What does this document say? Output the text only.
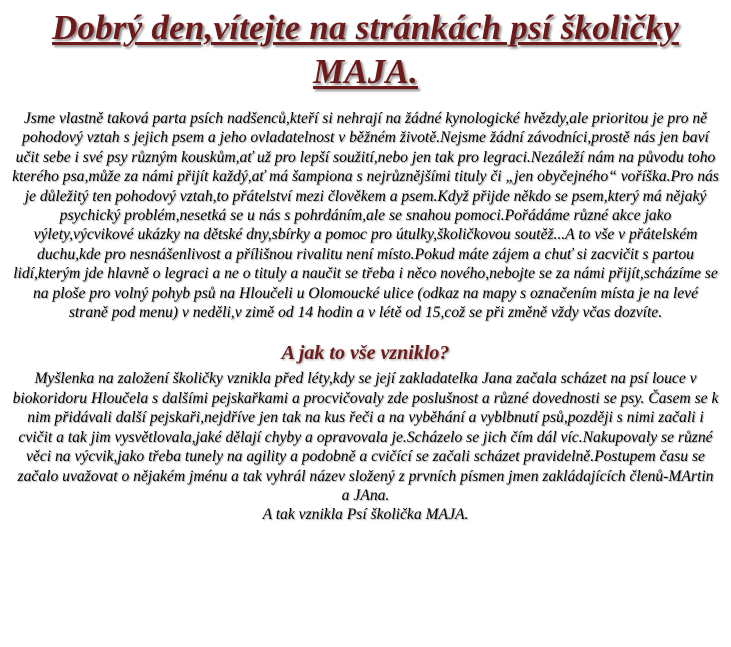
Dobrý den,vítejte na stránkách psí školičky
MAJA.

Jsme vlastně taková parta psích nadšenců,kteří si nehrají na žádné kynologické hvězdy,ale prioritou je pro ně pohodový vztah s jejich psem a jeho ovladatelnost v běžném životě.Nejsme žádní závodníci,prostě nás jen baví učit sebe i své psy různým kouskům,ať už pro lepší soužití,nebo jen tak pro legraci.Nezáleží nám na původu toho kterého psa,může za námi přijít každý,ať má šampiona s nejrůznějšími tituly či „jen obyčejného“ voříška.Pro nás je důležitý ten pohodový vztah,to přátelství mezi člověkem a psem.Když přijde někdo se psem,který má nějaký psychický problém,nesetká se u nás s pohrdáním,ale se snahou pomoci.Pořádáme různé akce jako výlety,výcvikové ukázky na dětské dny,sbírky a pomoc pro útulky,školičkovou soutěž...A to vše v přátelském duchu,kde pro nesnášenlivost a přílišnou rivalitu není místo.Pokud máte zájem a chuť si zacvičit s partou lidí,kterým jde hlavně o legraci a ne o tituly a naučit se třeba i něco nového,nebojte se za námi přijít,scházíme se na ploše pro volný pohyb psů na Hloučeli u Olomoucké ulice (odkaz na mapy s označením místa je na levé straně pod menu) v neděli,v zimě od 14 hodin a v létě od 15,což se při změně vždy včas dozvíte.

A jak to vše vzniklo?

Myšlenka na založení školičky vznikla před léty,kdy se její zakladatelka Jana začala scházet na psí louce v biokoridoru Hloučela s dalšími pejskařkami a procvičovaly zde poslušnost a různé dovednosti se psy. Časem se k nim přidávali další pejskaři,nejdříve jen tak na kus řeči a na vyběhání a vyblbnutí psů,později s nimi začali i cvičit a tak jim vysvětlovala,jaké dělají chyby a opravovala je.Scházelo se jich čím dál víc.Nakupovaly se různé věci na výcvik,jako třeba tunely na agility a podobně a cvičící se začali scházet pravidelně.Postupem času se začalo uvažovat o nějakém jménu a tak vyhrál název složený z prvních písmen jmen zakládajících členů-MArtin a JAna.
A tak vznikla Psí školička MAJA.
